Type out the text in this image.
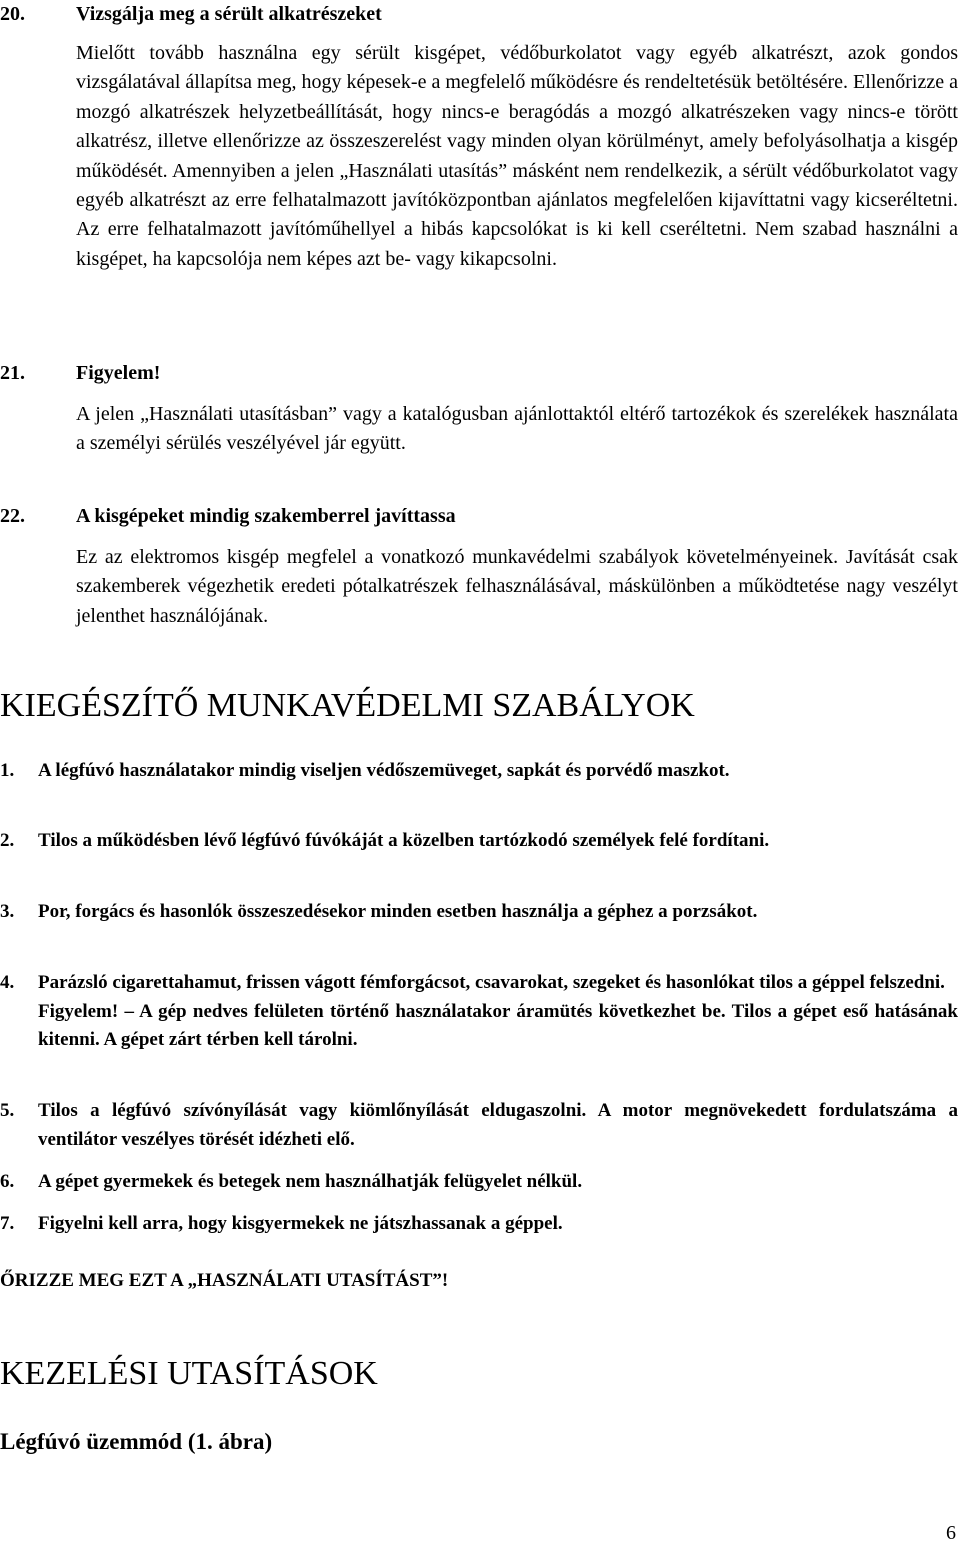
20.	Vizsgálja meg a sérült alkatrészeket
Mielőtt tovább használna egy sérült kisgépet, védőburkolatot vagy egyéb alkatrészt, azok gondos vizsgálatával állapítsa meg, hogy képesek-e a megfelelő működésre és rendeltetésük betöltésére. Ellenőrizze a mozgó alkatrészek helyzetbeállítását, hogy nincs-e beragódás a mozgó alkatrészeken vagy nincs-e törött alkatrész, illetve ellenőrizze az összeszerelést vagy minden olyan körülményt, amely befolyásolhatja a kisgép működését. Amennyiben a jelen „Használati utasítás” másként nem rendelkezik, a sérült védőburkolatot vagy egyéb alkatrészt az erre felhatalmazott javítóközpontban ajánlatos megfelelően kijavíttatni vagy kicseréltetni. Az erre felhatalmazott javítóműhellyel a hibás kapcsolókat is ki kell cseréltetni. Nem szabad használni a kisgépet, ha kapcsolója nem képes azt be- vagy kikapcsolni.
21.	Figyelem!
A jelen „Használati utasításban” vagy a katalógusban ajánlottaktól eltérő tartozékok és szerelékek használata a személyi sérülés veszélyével jár együtt.
22.	A kisgépeket mindig szakemberrel javíttassa
Ez az elektromos kisgép megfelel a vonatkozó munkavédelmi szabályok követelményeinek. Javítását csak szakemberek végezhetik eredeti pótalkatrészek felhasználásával, máskülönben a működtetése nagy veszélyt jelenthet használójának.
KIEGÉSZÍTŐ MUNKAVÉDELMI SZABÁLYOK
1. A légfúvó használatakor mindig viseljen védőszemüveget, sapkát és porvédő maszkot.
2. Tilos a működésben lévő légfúvó fúvókáját a közelben tartózkodó személyek felé fordítani.
3. Por, forgács és hasonlók összeszedésekor minden esetben használja a géphez a porzsákot.
4. Parázsló cigarettahamut, frissen vágott fémforgácsot, csavarokat, szegeket és hasonlókat tilos a géppel felszedni.
Figyelem! – A gép nedves felületen történő használatakor áramütés következhet be. Tilos a gépet eső hatásának kitenni. A gépet zárt térben kell tárolni.
5. Tilos a légfúvó szívónyílását vagy kiömlőnyílását eldugaszolni. A motor megnövekedett fordulatszáma a ventilátor veszélyes törését idézheti elő.
6. A gépet gyermekek és betegek nem használhatják felügyelet nélkül.
7. Figyelni kell arra, hogy kisgyermekek ne játszhassanak a géppel.
ŐRIZZE MEG EZT A „HASZNÁLATI UTASÍTÁST”!
KEZELÉSI UTASÍTÁSOK
Légfúvó üzemmód (1. ábra)
6
